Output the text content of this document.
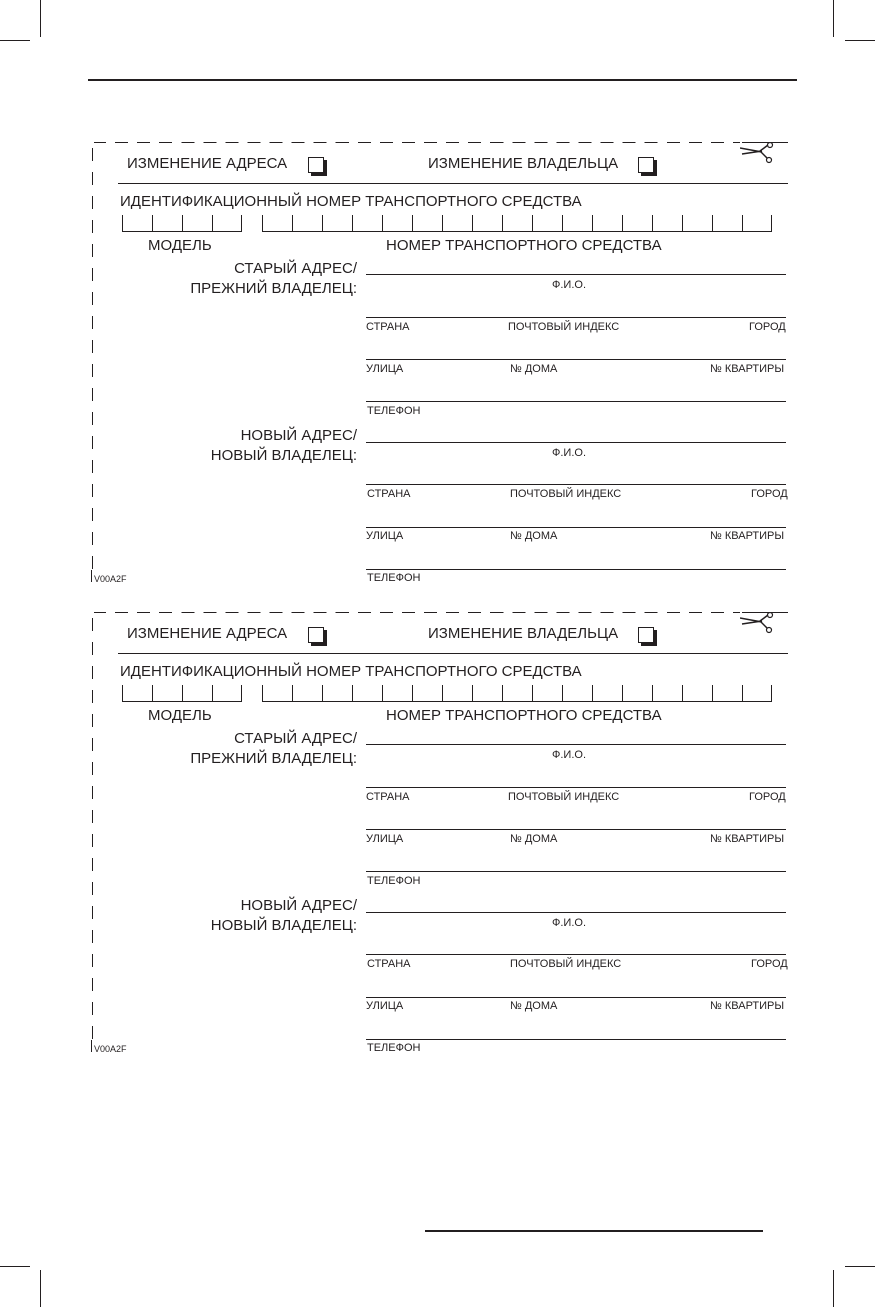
ИЗМЕНЕНИЕ АДРЕСА	ИЗМЕНЕНИЕ ВЛАДЕЛЬЦА
ИДЕНТИФИКАЦИОННЫЙ НОМЕР ТРАНСПОРТНОГО СРЕДСТВА
МОДЕЛЬ	НОМЕР ТРАНСПОРТНОГО СРЕДСТВА
СТАРЫЙ АДРЕС/
ПРЕЖНИЙ ВЛАДЕЛЕЦ:	Ф.И.О.
СТРАНА	ПОЧТОВЫЙ ИНДЕКС	ГОРОД
УЛИЦА	№ ДОМА	№ КВАРТИРЫ
ТЕЛЕФОН
НОВЫЙ АДРЕС/
НОВЫЙ ВЛАДЕЛЕЦ:	Ф.И.О.
СТРАНА	ПОЧТОВЫЙ ИНДЕКС	ГОРОД
УЛИЦА	№ ДОМА	№ КВАРТИРЫ
ТЕЛЕФОН
V00A2F
ИЗМЕНЕНИЕ АДРЕСА	ИЗМЕНЕНИЕ ВЛАДЕЛЬЦА
ИДЕНТИФИКАЦИОННЫЙ НОМЕР ТРАНСПОРТНОГО СРЕДСТВА
МОДЕЛЬ	НОМЕР ТРАНСПОРТНОГО СРЕДСТВА
СТАРЫЙ АДРЕС/
ПРЕЖНИЙ ВЛАДЕЛЕЦ:	Ф.И.О.
СТРАНА	ПОЧТОВЫЙ ИНДЕКС	ГОРОД
УЛИЦА	№ ДОМА	№ КВАРТИРЫ
ТЕЛЕФОН
НОВЫЙ АДРЕС/
НОВЫЙ ВЛАДЕЛЕЦ:	Ф.И.О.
СТРАНА	ПОЧТОВЫЙ ИНДЕКС	ГОРОД
УЛИЦА	№ ДОМА	№ КВАРТИРЫ
ТЕЛЕФОН
V00A2F
